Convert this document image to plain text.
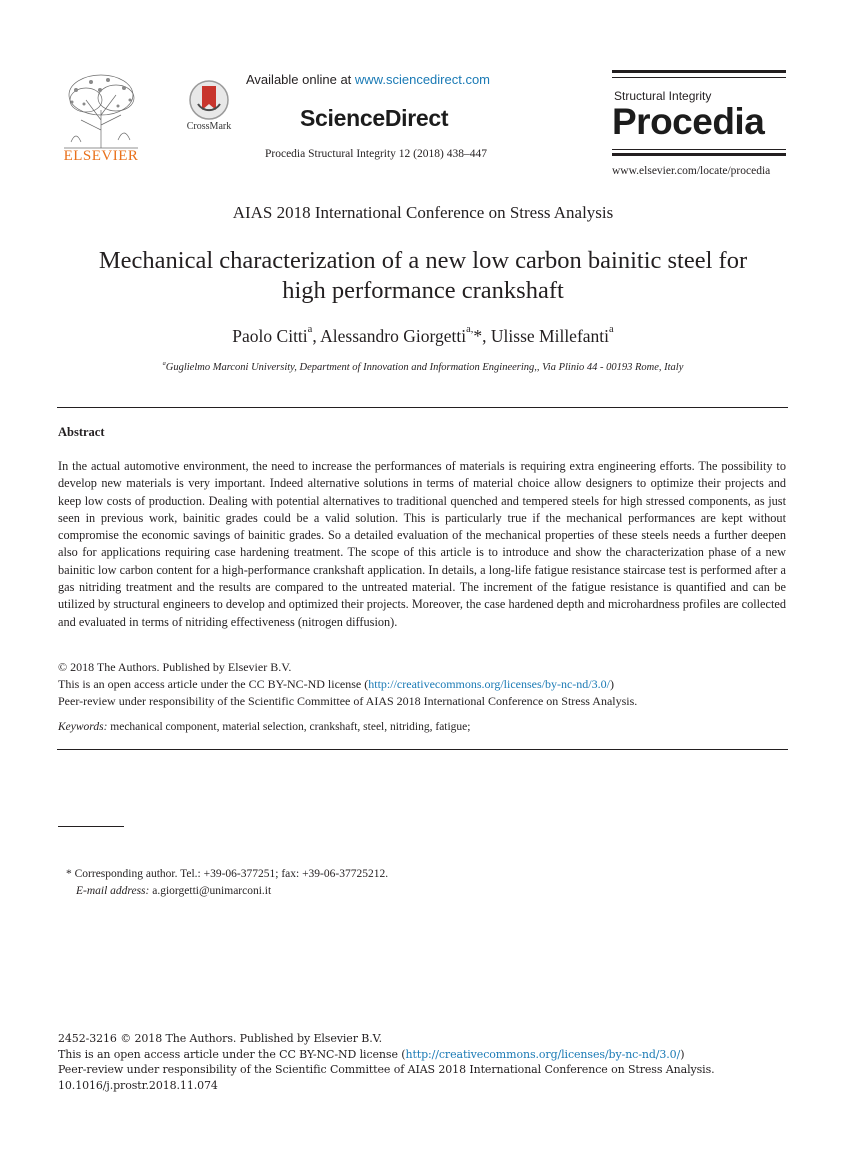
ELSEVIER
CrossMark
Available online at www.sciencedirect.com
ScienceDirect
Procedia Structural Integrity 12 (2018) 438–447
Structural Integrity
Procedia
www.elsevier.com/locate/procedia
AIAS 2018 International Conference on Stress Analysis
Mechanical characterization of a new low carbon bainitic steel for
high performance crankshaft
Paolo Citti$^a$, Alessandro Giorgetti$^{a,}$*, Ulisse Millefanti$^a$
$^a$Guglielmo Marconi University, Department of Innovation and Information Engineering,, Via Plinio 44 - 00193 Rome, Italy
Abstract
In the actual automotive environment, the need to increase the performances of materials is requiring extra engineering efforts. The possibility to develop new materials is very important. Indeed alternative solutions in terms of material choice allow designers to optimize their projects and keep low costs of production. Dealing with potential alternatives to traditional quenched and tempered steels for high stressed components, as just seen in previous work, bainitic grades could be a valid solution. This is particularly true if the mechanical performances are kept without compromise the economic savings of bainitic grades. So a detailed evaluation of the mechanical properties of these steels needs a further deepen also for applications requiring case hardening treatment. The scope of this article is to introduce and show the characterization phase of a new bainitic low carbon content for a high-performance crankshaft application. In details, a long-life fatigue resistance staircase test is performed after a gas nitriding treatment and the results are compared to the untreated material. The increment of the fatigue resistance is quantified and can be utilized by structural engineers to develop and optimized their projects. Moreover, the case hardened depth and microhardness profiles are collected and evaluated in terms of nitriding effectiveness (nitrogen diffusion).
© 2018 The Authors. Published by Elsevier B.V.
This is an open access article under the CC BY-NC-ND license (http://creativecommons.org/licenses/by-nc-nd/3.0/)
Peer-review under responsibility of the Scientific Committee of AIAS 2018 International Conference on Stress Analysis.
Keywords: mechanical component, material selection, crankshaft, steel, nitriding, fatigue;
* Corresponding author. Tel.: +39-06-377251; fax: +39-06-37725212.
E-mail address: a.giorgetti@unimarconi.it
2452-3216 © 2018 The Authors. Published by Elsevier B.V.
This is an open access article under the CC BY-NC-ND license (http://creativecommons.org/licenses/by-nc-nd/3.0/)
Peer-review under responsibility of the Scientific Committee of AIAS 2018 International Conference on Stress Analysis.
10.1016/j.prostr.2018.11.074
